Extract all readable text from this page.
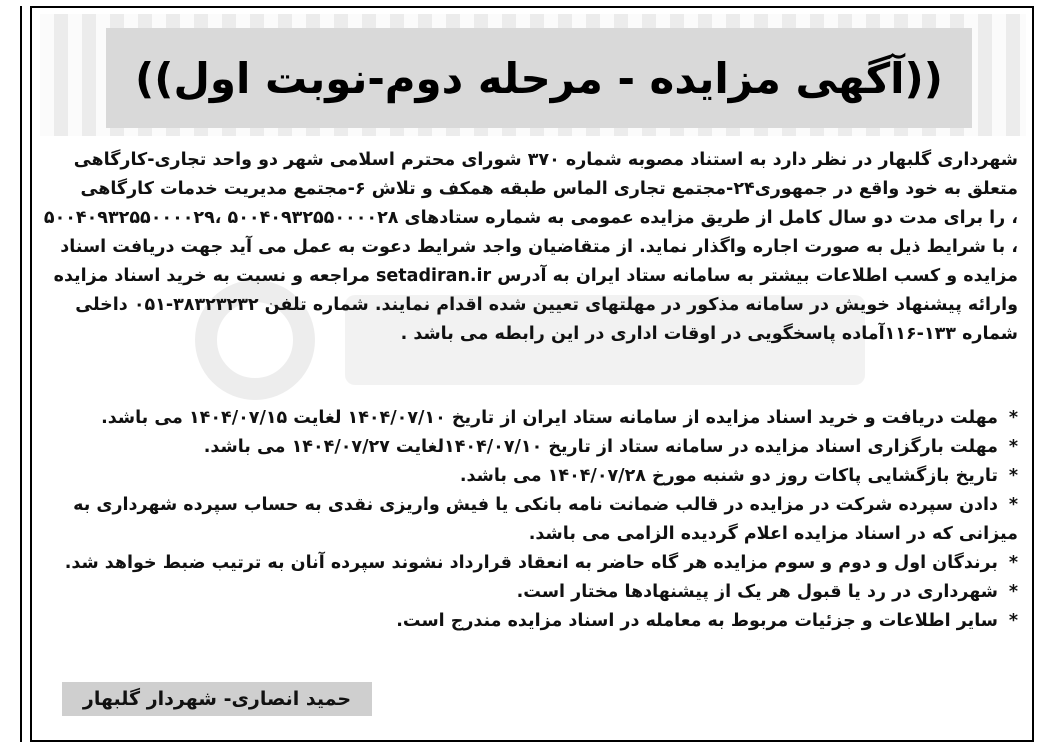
((آگهی مزایده - مرحله دوم-نوبت اول))

شهرداری گلبهار در نظر دارد به استناد مصوبه شماره ۳۷۰ شورای محترم اسلامی شهر دو واحد تجاری-کارگاهی
متعلق به خود واقع در جمهوری۲۴-مجتمع تجاری الماس طبقه همکف و تلاش ۶-مجتمع مدیریت خدمات کارگاهی
، را برای مدت دو سال کامل از طریق مزایده عمومی به شماره ستادهای ۵۰۰۴۰۹۳۲۵۵۰۰۰۰۲۸ ،۵۰۰۴۰۹۳۲۵۵۰۰۰۰۲۹
، با شرایط ذیل به صورت اجاره واگذار نماید. از متقاضیان واجد شرایط دعوت به عمل می آید جهت دریافت اسناد
مزایده و کسب اطلاعات بیشتر به سامانه ستاد ایران به آدرس setadiran.ir مراجعه و نسبت به خرید اسناد مزایده
وارائه پیشنهاد خویش در سامانه مذکور در مهلتهای تعیین شده اقدام نمایند. شماره تلفن ۳۸۳۲۳۲۳۲-۰۵۱ داخلی
شماره ۱۳۳-۱۱۶آماده پاسخگویی در اوقات اداری در این رابطه می باشد .

*مهلت دریافت و خرید اسناد مزایده از سامانه ستاد ایران از تاریخ ۱۴۰۴/۰۷/۱۰ لغایت ۱۴۰۴/۰۷/۱۵ می باشد.
*مهلت بارگزاری اسناد مزایده در سامانه ستاد از تاریخ ۱۴۰۴/۰۷/۱۰لغایت ۱۴۰۴/۰۷/۲۷ می باشد.
*تاریخ بازگشایی پاکات روز دو شنبه مورخ ۱۴۰۴/۰۷/۲۸ می باشد.
*دادن سپرده شرکت در مزایده در قالب ضمانت نامه بانکی یا فیش واریزی نقدی به حساب سپرده شهرداری به
میزانی که در اسناد مزایده اعلام گردیده الزامی می باشد.
*برندگان اول و دوم و سوم مزایده هر گاه حاضر به انعقاد قرارداد نشوند سپرده آنان به ترتیب ضبط خواهد شد.
*شهرداری در رد یا قبول هر یک از پیشنهادها مختار است.
*سایر اطلاعات و جزئیات مربوط به معامله در اسناد مزایده مندرج است.
حمید انصاری- شهردار گلبهار
